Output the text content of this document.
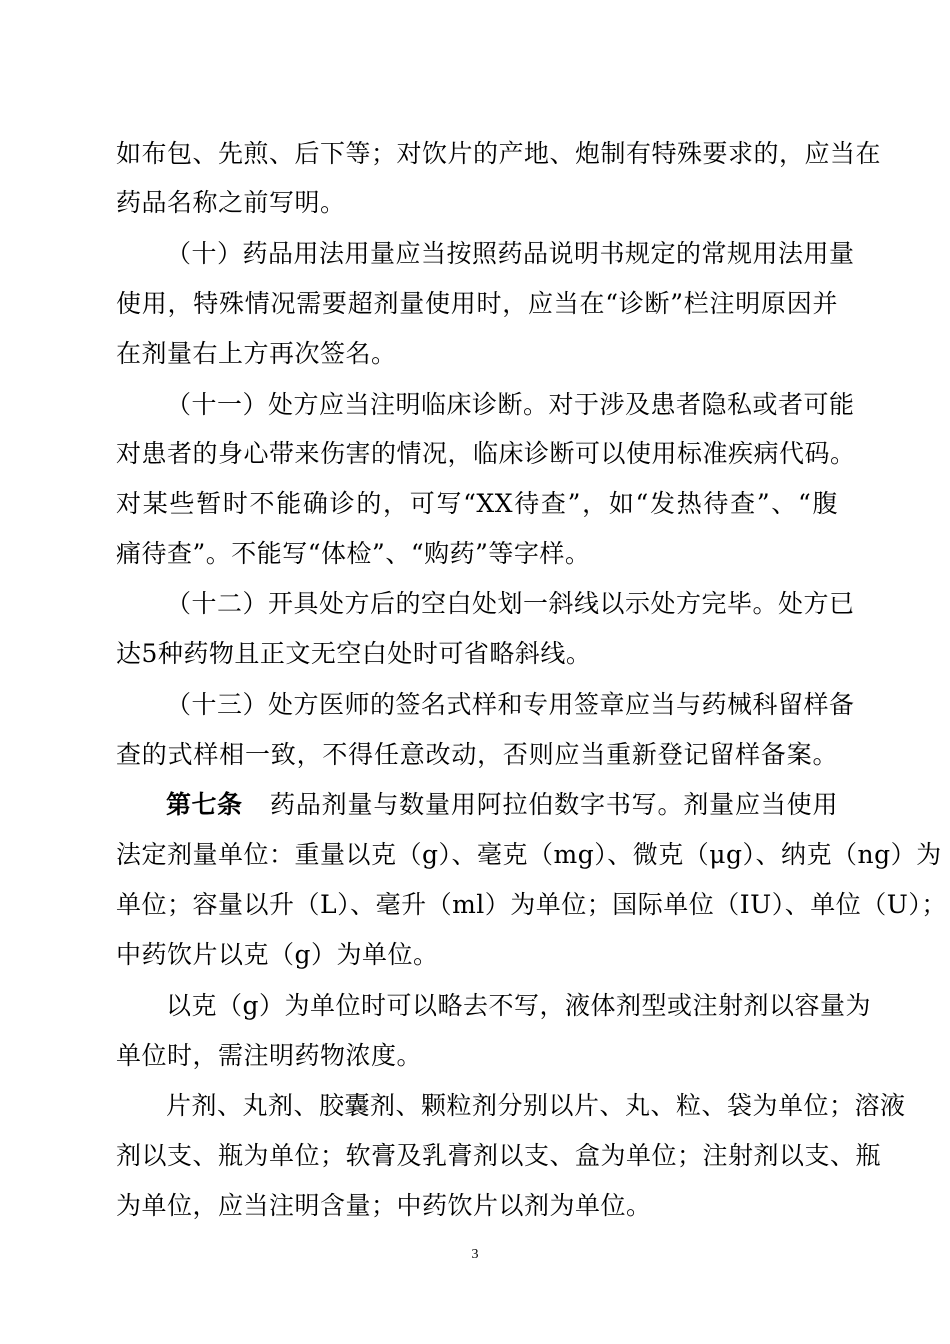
如布包、先煎、后下等；对饮片的产地、炮制有特殊要求的，应当在
药品名称之前写明。
（十）药品用法用量应当按照药品说明书规定的常规用法用量
使用，特殊情况需要超剂量使用时，应当在“诊断”栏注明原因并
在剂量右上方再次签名。
（十一）处方应当注明临床诊断。对于涉及患者隐私或者可能
对患者的身心带来伤害的情况，临床诊断可以使用标准疾病代码。
对某些暂时不能确诊的，可写“XX待查”，如“发热待查”、“腹
痛待查”。不能写“体检”、“购药”等字样。
（十二）开具处方后的空白处划一斜线以示处方完毕。处方已
达5种药物且正文无空白处时可省略斜线。
（十三）处方医师的签名式样和专用签章应当与药械科留样备
查的式样相一致，不得任意改动，否则应当重新登记留样备案。
第七条	药品剂量与数量用阿拉伯数字书写。剂量应当使用
法定剂量单位：重量以克（g）、毫克（mg）、微克（μg）、纳克（ng）为
单位；容量以升（L）、毫升（ml）为单位；国际单位（IU）、单位（U）；
中药饮片以克（g）为单位。
以克（g）为单位时可以略去不写，液体剂型或注射剂以容量为
单位时，需注明药物浓度。
片剂、丸剂、胶囊剂、颗粒剂分别以片、丸、粒、袋为单位；溶液
剂以支、瓶为单位；软膏及乳膏剂以支、盒为单位；注射剂以支、瓶
为单位，应当注明含量；中药饮片以剂为单位。
3
